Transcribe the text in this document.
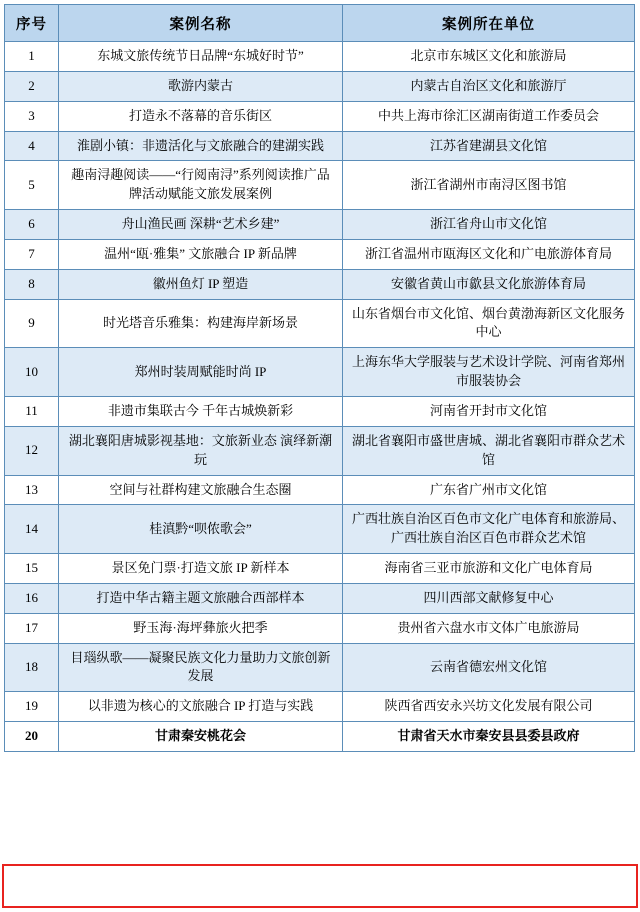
序号	案例名称	案例所在单位
1	东城文旅传统节日品牌“东城好时节”	北京市东城区文化和旅游局
2	歌游内蒙古	内蒙古自治区文化和旅游厅
3	打造永不落幕的音乐街区	中共上海市徐汇区湖南街道工作委员会
4	淮剧小镇：非遗活化与文旅融合的建湖实践	江苏省建湖县文化馆
5	趣南浔趣阅读——“行阅南浔”系列阅读推广品牌活动赋能文旅发展案例	浙江省湖州市南浔区图书馆
6	舟山渔民画 深耕“艺术乡建”	浙江省舟山市文化馆
7	温州“瓯·雅集” 文旅融合 IP 新品牌	浙江省温州市瓯海区文化和广电旅游体育局
8	徽州鱼灯 IP 塑造	安徽省黄山市歙县文化旅游体育局
9	时光塔音乐雅集：构建海岸新场景	山东省烟台市文化馆、烟台黄渤海新区文化服务中心
10	郑州时装周赋能时尚 IP	上海东华大学服装与艺术设计学院、河南省郑州市服装协会
11	非遗市集联古今 千年古城焕新彩	河南省开封市文化馆
12	湖北襄阳唐城影视基地：文旅新业态 演绎新潮玩	湖北省襄阳市盛世唐城、湖北省襄阳市群众艺术馆
13	空间与社群构建文旅融合生态圈	广东省广州市文化馆
14	桂滇黔“呗侬歌会”	广西壮族自治区百色市文化广电体育和旅游局、广西壮族自治区百色市群众艺术馆
15	景区免门票·打造文旅 IP 新样本	海南省三亚市旅游和文化广电体育局
16	打造中华古籍主题文旅融合西部样本	四川西部文献修复中心
17	野玉海·海坪彝旅火把季	贵州省六盘水市文体广电旅游局
18	目瑙纵歌——凝聚民族文化力量助力文旅创新发展	云南省德宏州文化馆
19	以非遗为核心的文旅融合 IP 打造与实践	陕西省西安永兴坊文化发展有限公司
20	甘肃秦安桃花会	甘肃省天水市秦安县县委县政府
